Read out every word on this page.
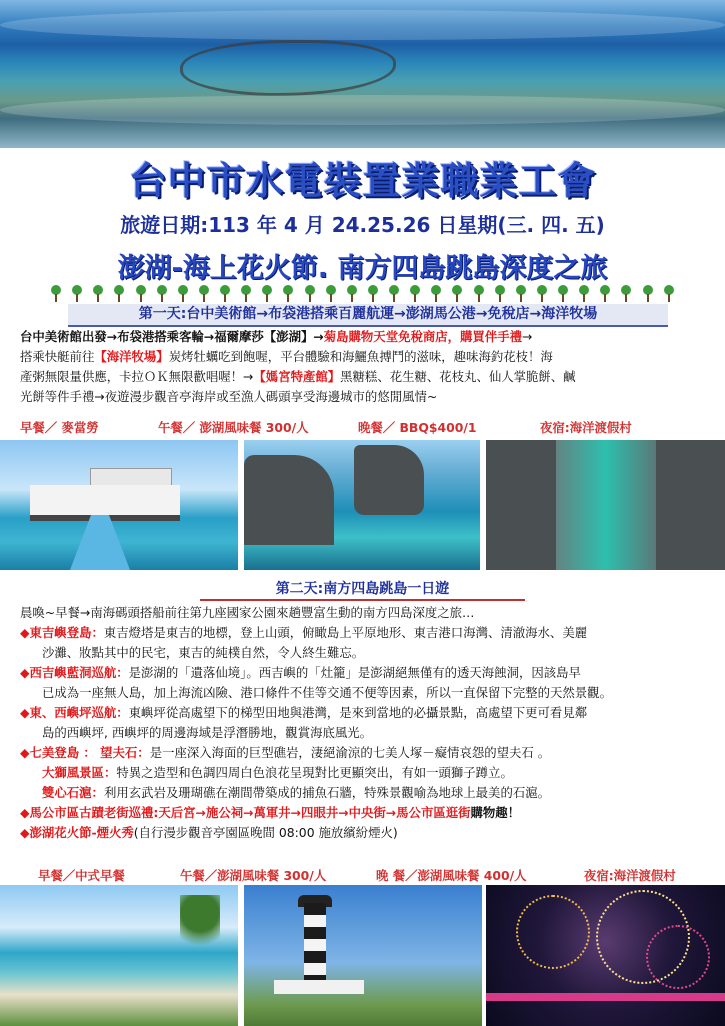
台中市水電裝置業職業工會
旅遊日期:113 年 4 月 24.25.26 日星期(三. 四. 五)
澎湖-海上花火節. 南方四島跳島深度之旅
第一天:台中美術館→布袋港搭乘百麗航運→澎湖馬公港→免稅店→海洋牧場
台中美術館出發→布袋港搭乘客輪→福爾摩莎【澎湖】→菊島購物天堂免稅商店，購買伴手禮→
搭乘快艇前往【海洋牧場】炭烤牡蠣吃到飽喔，平台體驗和海鱺魚搏鬥的滋味，趣味海釣花枝！海
產粥無限量供應，卡拉ＯＫ無限歡唱喔！→【媽宮特產館】黑糖糕、花生糖、花枝丸、仙人掌脆餅、鹹
光餅等件手禮→夜遊漫步觀音亭海岸或至漁人碼頭享受海邊城市的悠閒風情~
早餐／ 麥當勞	午餐／ 澎湖風味餐 300/人	晚餐／ BBQ$400/1	夜宿:海洋渡假村
第二天:南方四島跳島一日遊
晨喚~早餐→南海碼頭搭船前往第九座國家公園來趟豐富生動的南方四島深度之旅…
◆東吉嶼登島：東吉燈塔是東吉的地標，登上山頭，俯瞰島上平原地形、東吉港口海灣、清澈海水、美麗
沙灘、妝點其中的民宅，東吉的純樸自然，令人終生難忘。
◆西吉嶼藍洞巡航：是澎湖的「遺落仙境」。西吉嶼的「灶籠」是澎湖絕無僅有的透天海蝕洞，因該島早
已成為一座無人島，加上海流凶險、港口條件不佳等交通不便等因素，所以一直保留下完整的天然景觀。
◆東、西嶼坪巡航：東嶼坪從高處望下的梯型田地與港灣，是來到當地的必攝景點，高處望下更可看見鄰
島的西嶼坪, 西嶼坪的周邊海域是浮潛勝地，觀賞海底風光。
◆七美登島 ： 望夫石：是一座深入海面的巨型礁岩，淒絕渝涼的七美人塚－癡情哀怨的望夫石 。
大獅風景區：特異之造型和色調四周白色浪花呈現對比更顯突出，有如一頭獅子蹲立。
雙心石滬：利用玄武岩及珊瑚礁在潮間帶築成的捕魚石牆，特殊景觀喻為地球上最美的石滬。
◆馬公市區古蹟老街巡禮:天后宮→施公祠→萬軍井→四眼井→中央街→馬公市區逛街購物趣！
◆澎湖花火節-煙火秀(自行漫步觀音亭園區晚間 08:00 施放繽紛煙火)
早餐／中式早餐	午餐／澎湖風味餐 300/人	晚 餐／澎湖風味餐 400/人	夜宿:海洋渡假村
